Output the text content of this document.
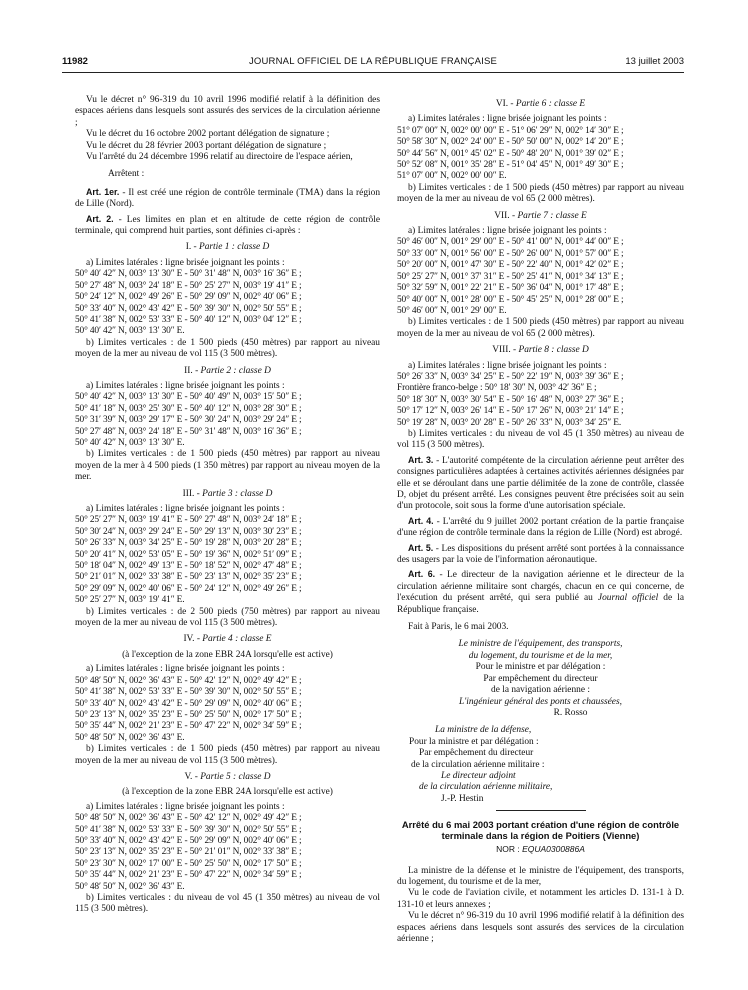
11982	JOURNAL OFFICIEL DE LA RÉPUBLIQUE FRANÇAISE	13 juillet 2003

Vu le décret n° 96-319 du 10 avril 1996 modifié relatif à la définition des espaces aériens dans lesquels sont assurés des services de la circulation aérienne ;

Vu le décret du 16 octobre 2002 portant délégation de signature ;

Vu le décret du 28 février 2003 portant délégation de signature ;

Vu l'arrêté du 24 décembre 1996 relatif au directoire de l'espace aérien,

Arrêtent :

Art. 1er. - Il est créé une région de contrôle terminale (TMA) dans la région de Lille (Nord).

Art. 2. - Les limites en plan et en altitude de cette région de contrôle terminale, qui comprend huit parties, sont définies ci-après :

I. - Partie 1 : classe D

a) Limites latérales : ligne brisée joignant les points :

50° 40′ 42″ N, 003° 13′ 30″ E - 50° 31′ 48″ N, 003° 16′ 36″ E ;

50° 27′ 48″ N, 003° 24′ 18″ E - 50° 25′ 27″ N, 003° 19′ 41″ E ;

50° 24′ 12″ N, 002° 49′ 26″ E - 50° 29′ 09″ N, 002° 40′ 06″ E ;

50° 33′ 40″ N, 002° 43′ 42″ E - 50° 39′ 30″ N, 002° 50′ 55″ E ;

50° 41′ 38″ N, 002° 53′ 33″ E - 50° 40′ 12″ N, 003° 04′ 12″ E ;

50° 40′ 42″ N, 003° 13′ 30″ E.

b) Limites verticales : de 1 500 pieds (450 mètres) par rapport au niveau moyen de la mer au niveau de vol 115 (3 500 mètres).

II. - Partie 2 : classe D

a) Limites latérales : ligne brisée joignant les points :

50° 40′ 42″ N, 003° 13′ 30″ E - 50° 40′ 49″ N, 003° 15′ 50″ E ;

50° 41′ 18″ N, 003° 25′ 30″ E - 50° 40′ 12″ N, 003° 28′ 30″ E ;

50° 31′ 39″ N, 003° 29′ 17″ E - 50° 30′ 24″ N, 003° 29′ 24″ E ;

50° 27′ 48″ N, 003° 24′ 18″ E - 50° 31′ 48″ N, 003° 16′ 36″ E ;

50° 40′ 42″ N, 003° 13′ 30″ E.

b) Limites verticales : de 1 500 pieds (450 mètres) par rapport au niveau moyen de la mer à 4 500 pieds (1 350 mètres) par rapport au niveau moyen de la mer.

III. - Partie 3 : classe D

a) Limites latérales : ligne brisée joignant les points :

50° 25′ 27″ N, 003° 19′ 41″ E - 50° 27′ 48″ N, 003° 24′ 18″ E ;

50° 30′ 24″ N, 003° 29′ 24″ E - 50° 29′ 13″ N, 003° 30′ 23″ E ;

50° 26′ 33″ N, 003° 34′ 25″ E - 50° 19′ 28″ N, 003° 20′ 28″ E ;

50° 20′ 41″ N, 002° 53′ 05″ E - 50° 19′ 36″ N, 002° 51′ 09″ E ;

50° 18′ 04″ N, 002° 49′ 13″ E - 50° 18′ 52″ N, 002° 47′ 48″ E ;

50° 21′ 01″ N, 002° 33′ 38″ E - 50° 23′ 13″ N, 002° 35′ 23″ E ;

50° 29′ 09″ N, 002° 40′ 06″ E - 50° 24′ 12″ N, 002° 49′ 26″ E ;

50° 25′ 27″ N, 003° 19′ 41″ E.

b) Limites verticales : de 2 500 pieds (750 mètres) par rapport au niveau moyen de la mer au niveau de vol 115 (3 500 mètres).

IV. - Partie 4 : classe E

(à l'exception de la zone EBR 24A lorsqu'elle est active)

a) Limites latérales : ligne brisée joignant les points :

50° 48′ 50″ N, 002° 36′ 43″ E - 50° 42′ 12″ N, 002° 49′ 42″ E ;

50° 41′ 38″ N, 002° 53′ 33″ E - 50° 39′ 30″ N, 002° 50′ 55″ E ;

50° 33′ 40″ N, 002° 43′ 42″ E - 50° 29′ 09″ N, 002° 40′ 06″ E ;

50° 23′ 13″ N, 002° 35′ 23″ E - 50° 25′ 50″ N, 002° 17′ 50″ E ;

50° 35′ 44″ N, 002° 21′ 23″ E - 50° 47′ 22″ N, 002° 34′ 59″ E ;

50° 48′ 50″ N, 002° 36′ 43″ E.

b) Limites verticales : de 1 500 pieds (450 mètres) par rapport au niveau moyen de la mer au niveau de vol 115 (3 500 mètres).

V. - Partie 5 : classe D

(à l'exception de la zone EBR 24A lorsqu'elle est active)

a) Limites latérales : ligne brisée joignant les points :

50° 48′ 50″ N, 002° 36′ 43″ E - 50° 42′ 12″ N, 002° 49′ 42″ E ;

50° 41′ 38″ N, 002° 53′ 33″ E - 50° 39′ 30″ N, 002° 50′ 55″ E ;

50° 33′ 40″ N, 002° 43′ 42″ E - 50° 29′ 09″ N, 002° 40′ 06″ E ;

50° 23′ 13″ N, 002° 35′ 23″ E - 50° 21′ 01″ N, 002° 33′ 38″ E ;

50° 23′ 30″ N, 002° 17′ 00″ E - 50° 25′ 50″ N, 002° 17′ 50″ E ;

50° 35′ 44″ N, 002° 21′ 23″ E - 50° 47′ 22″ N, 002° 34′ 59″ E ;

50° 48′ 50″ N, 002° 36′ 43″ E.

b) Limites verticales : du niveau de vol 45 (1 350 mètres) au niveau de vol 115 (3 500 mètres).

VI. - Partie 6 : classe E

a) Limites latérales : ligne brisée joignant les points :

51° 07′ 00″ N, 002° 00′ 00″ E - 51° 06′ 29″ N, 002° 14′ 30″ E ;

50° 58′ 30″ N, 002° 24′ 00″ E - 50° 50′ 00″ N, 002° 14′ 20″ E ;

50° 44′ 56″ N, 001° 45′ 02″ E - 50° 48′ 20″ N, 001° 39′ 02″ E ;

50° 52′ 08″ N, 001° 35′ 28″ E - 51° 04′ 45″ N, 001° 49′ 30″ E ;

51° 07′ 00″ N, 002° 00′ 00″ E.

b) Limites verticales : de 1 500 pieds (450 mètres) par rapport au niveau moyen de la mer au niveau de vol 65 (2 000 mètres).

VII. - Partie 7 : classe E

a) Limites latérales : ligne brisée joignant les points :

50° 46′ 00″ N, 001° 29′ 00″ E - 50° 41′ 00″ N, 001° 44′ 00″ E ;

50° 33′ 00″ N, 001° 56′ 00″ E - 50° 26′ 00″ N, 001° 57′ 00″ E ;

50° 20′ 00″ N, 001° 47′ 30″ E - 50° 22′ 40″ N, 001° 42′ 02″ E ;

50° 25′ 27″ N, 001° 37′ 31″ E - 50° 25′ 41″ N, 001° 34′ 13″ E ;

50° 32′ 59″ N, 001° 22′ 21″ E - 50° 36′ 04″ N, 001° 17′ 48″ E ;

50° 40′ 00″ N, 001° 28′ 00″ E - 50° 45′ 25″ N, 001° 28′ 00″ E ;

50° 46′ 00″ N, 001° 29′ 00″ E.

b) Limites verticales : de 1 500 pieds (450 mètres) par rapport au niveau moyen de la mer au niveau de vol 65 (2 000 mètres).

VIII. - Partie 8 : classe D

a) Limites latérales : ligne brisée joignant les points :

50° 26′ 33″ N, 003° 34′ 25″ E - 50° 22′ 19″ N, 003° 39′ 36″ E ;

Frontière franco-belge : 50° 18′ 30″ N, 003° 42′ 36″ E ;

50° 18′ 30″ N, 003° 30′ 54″ E - 50° 16′ 48″ N, 003° 27′ 36″ E ;

50° 17′ 12″ N, 003° 26′ 14″ E - 50° 17′ 26″ N, 003° 21′ 14″ E ;

50° 19′ 28″ N, 003° 20′ 28″ E - 50° 26′ 33″ N, 003° 34′ 25″ E.

b) Limites verticales : du niveau de vol 45 (1 350 mètres) au niveau de vol 115 (3 500 mètres).

Art. 3. - L'autorité compétente de la circulation aérienne peut arrêter des consignes particulières adaptées à certaines activités aériennes désignées par elle et se déroulant dans une partie délimitée de la zone de contrôle, classée D, objet du présent arrêté. Les consignes peuvent être précisées soit au sein d'un protocole, soit sous la forme d'une autorisation spéciale.

Art. 4. - L'arrêté du 9 juillet 2002 portant création de la partie française d'une région de contrôle terminale dans la région de Lille (Nord) est abrogé.

Art. 5. - Les dispositions du présent arrêté sont portées à la connaissance des usagers par la voie de l'information aéronautique.

Art. 6. - Le directeur de la navigation aérienne et le directeur de la circulation aérienne militaire sont chargés, chacun en ce qui concerne, de l'exécution du présent arrêté, qui sera publié au Journal officiel de la République française.

Fait à Paris, le 6 mai 2003.

Le ministre de l'équipement, des transports,

du logement, du tourisme et de la mer,

Pour le ministre et par délégation :

Par empêchement du directeur

de la navigation aérienne :

L'ingénieur général des ponts et chaussées,

R. Rosso

La ministre de la défense,

Pour la ministre et par délégation :

Par empêchement du directeur

de la circulation aérienne militaire :

Le directeur adjoint

de la circulation aérienne militaire,

J.-P. Hestin

Arrêté du 6 mai 2003 portant création d'une région de contrôle terminale dans la région de Poitiers (Vienne)

NOR : EQUA0300886A

La ministre de la défense et le ministre de l'équipement, des transports, du logement, du tourisme et de la mer,

Vu le code de l'aviation civile, et notamment les articles D. 131-1 à D. 131-10 et leurs annexes ;

Vu le décret n° 96-319 du 10 avril 1996 modifié relatif à la définition des espaces aériens dans lesquels sont assurés des services de la circulation aérienne ;
